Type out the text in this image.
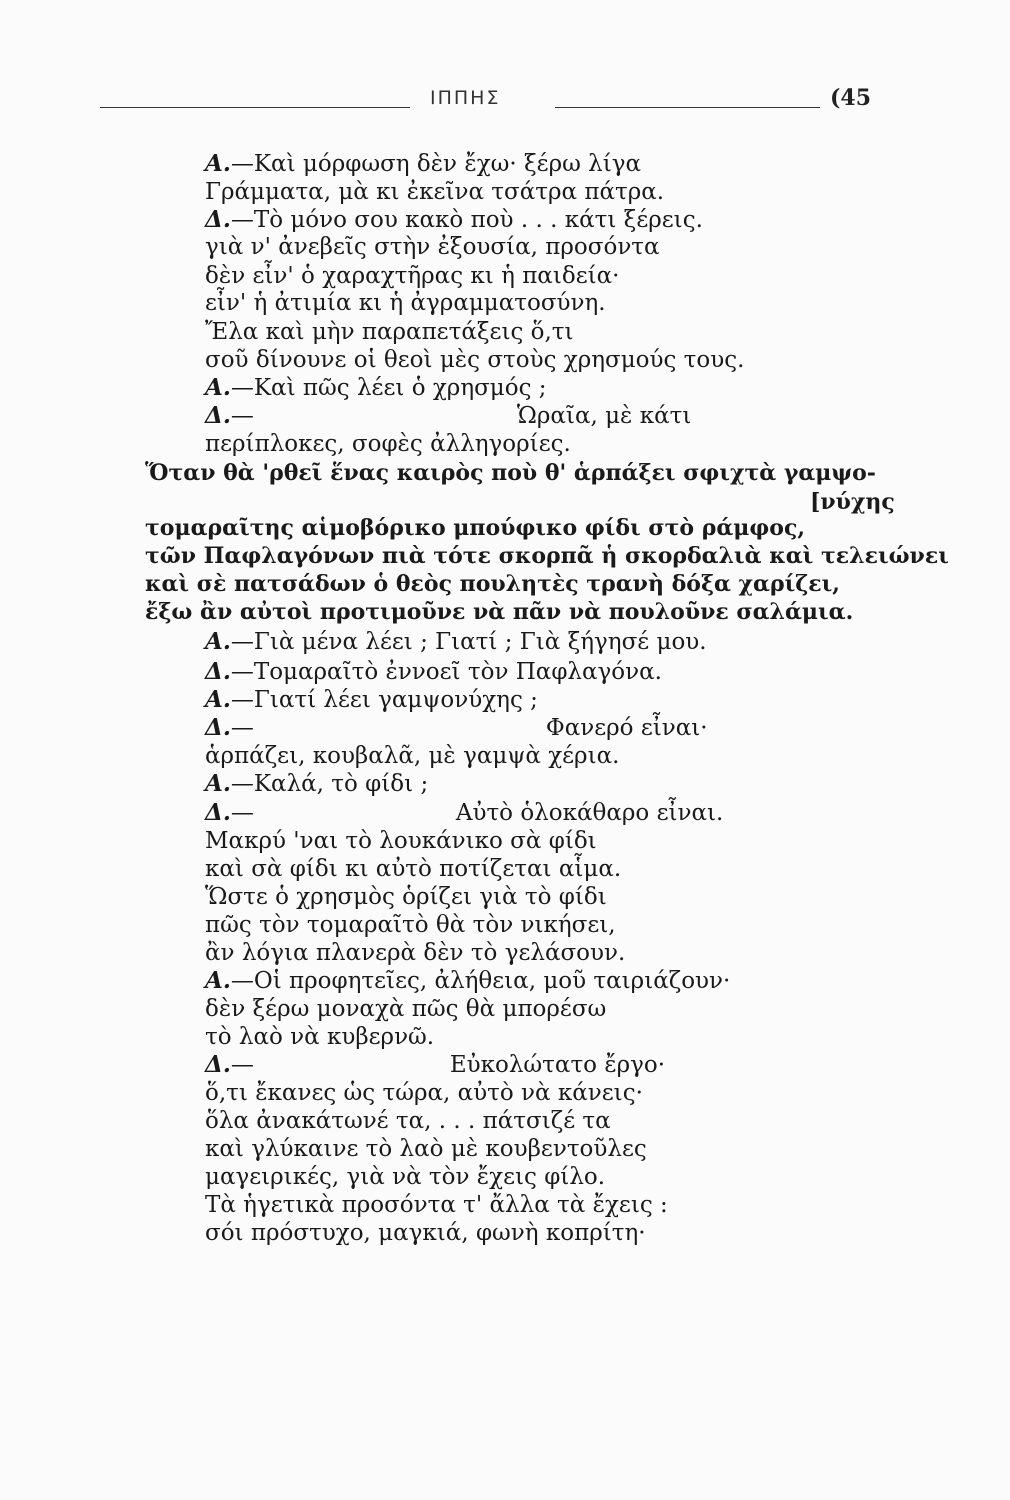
ΙΠΠΗΣ	(45
Α.—Καὶ μόρφωση δὲν ἔχω· ξέρω λίγα
Γράμματα, μὰ κι ἐκεῖνα τσάτρα πάτρα.
Δ.—Τὸ μόνο σου κακὸ ποὺ . . . κάτι ξέρεις.
γιὰ ν' ἀνεβεῖς στὴν ἐξουσία, προσόντα
δὲν εἶν' ὁ χαραχτῆρας κι ἡ παιδεία·
εἶν' ἡ ἀτιμία κι ἡ ἀγραμματοσύνη.
Ἔλα καὶ μὴν παραπετάξεις ὅ,τι
σοῦ δίνουνε οἱ θεοὶ μὲς στοὺς χρησμούς τους.
Α.—Καὶ πῶς λέει ὁ χρησμός ;
Δ.—	Ὡραῖα, μὲ κάτι
περίπλοκες, σοφὲς ἀλληγορίες.
Ὅταν θὰ 'ρθεῖ ἕνας καιρὸς ποὺ θ' ἁρπάξει σφιχτὰ γαμψο-
[νύχης
τομαραῖτης αἱμοβόρικο μπούφικο φίδι στὸ ράμφος,
τῶν Παφλαγόνων πιὰ τότε σκορπᾶ ἡ σκορδαλιὰ καὶ τελειώνει
καὶ σὲ πατσάδων ὁ θεὸς πουλητὲς τρανὴ δόξα χαρίζει,
ἔξω ἂν αὐτοὶ προτιμοῦνε νὰ πᾶν νὰ πουλοῦνε σαλάμια.
Α.—Γιὰ μένα λέει ; Γιατί ; Γιὰ ξήγησέ μου.
Δ.—Τομαραῖτὸ ἐννοεῖ τὸν Παφλαγόνα.
Α.—Γιατί λέει γαμψονύχης ;
Δ.—	Φανερό εἶναι·
ἁρπάζει, κουβαλᾶ, μὲ γαμψὰ χέρια.
Α.—Καλά, τὸ φίδι ;
Δ.—	Αὐτὸ ὁλοκάθαρο εἶναι.
Μακρύ 'ναι τὸ λουκάνικο σὰ φίδι
καὶ σὰ φίδι κι αὐτὸ ποτίζεται αἷμα.
Ὥστε ὁ χρησμὸς ὁρίζει γιὰ τὸ φίδι
πῶς τὸν τομαραῖτὸ θὰ τὸν νικήσει,
ἂν λόγια πλανερὰ δὲν τὸ γελάσουν.
Α.—Οἱ προφητεῖες, ἀλήθεια, μοῦ ταιριάζουν·
δὲν ξέρω μοναχὰ πῶς θὰ μπορέσω
τὸ λαὸ νὰ κυβερνῶ.
Δ.—	Εὐκολώτατο ἔργο·
ὅ,τι ἔκανες ὡς τώρα, αὐτὸ νὰ κάνεις·
ὅλα ἀνακάτωνέ τα, . . . πάτσιζέ τα
καὶ γλύκαινε τὸ λαὸ μὲ κουβεντοῦλες
μαγειρικές, γιὰ νὰ τὸν ἔχεις φίλο.
Τὰ ἡγετικὰ προσόντα τ' ἄλλα τὰ ἔχεις :
σόι πρόστυχο, μαγκιά, φωνὴ κοπρίτη·
